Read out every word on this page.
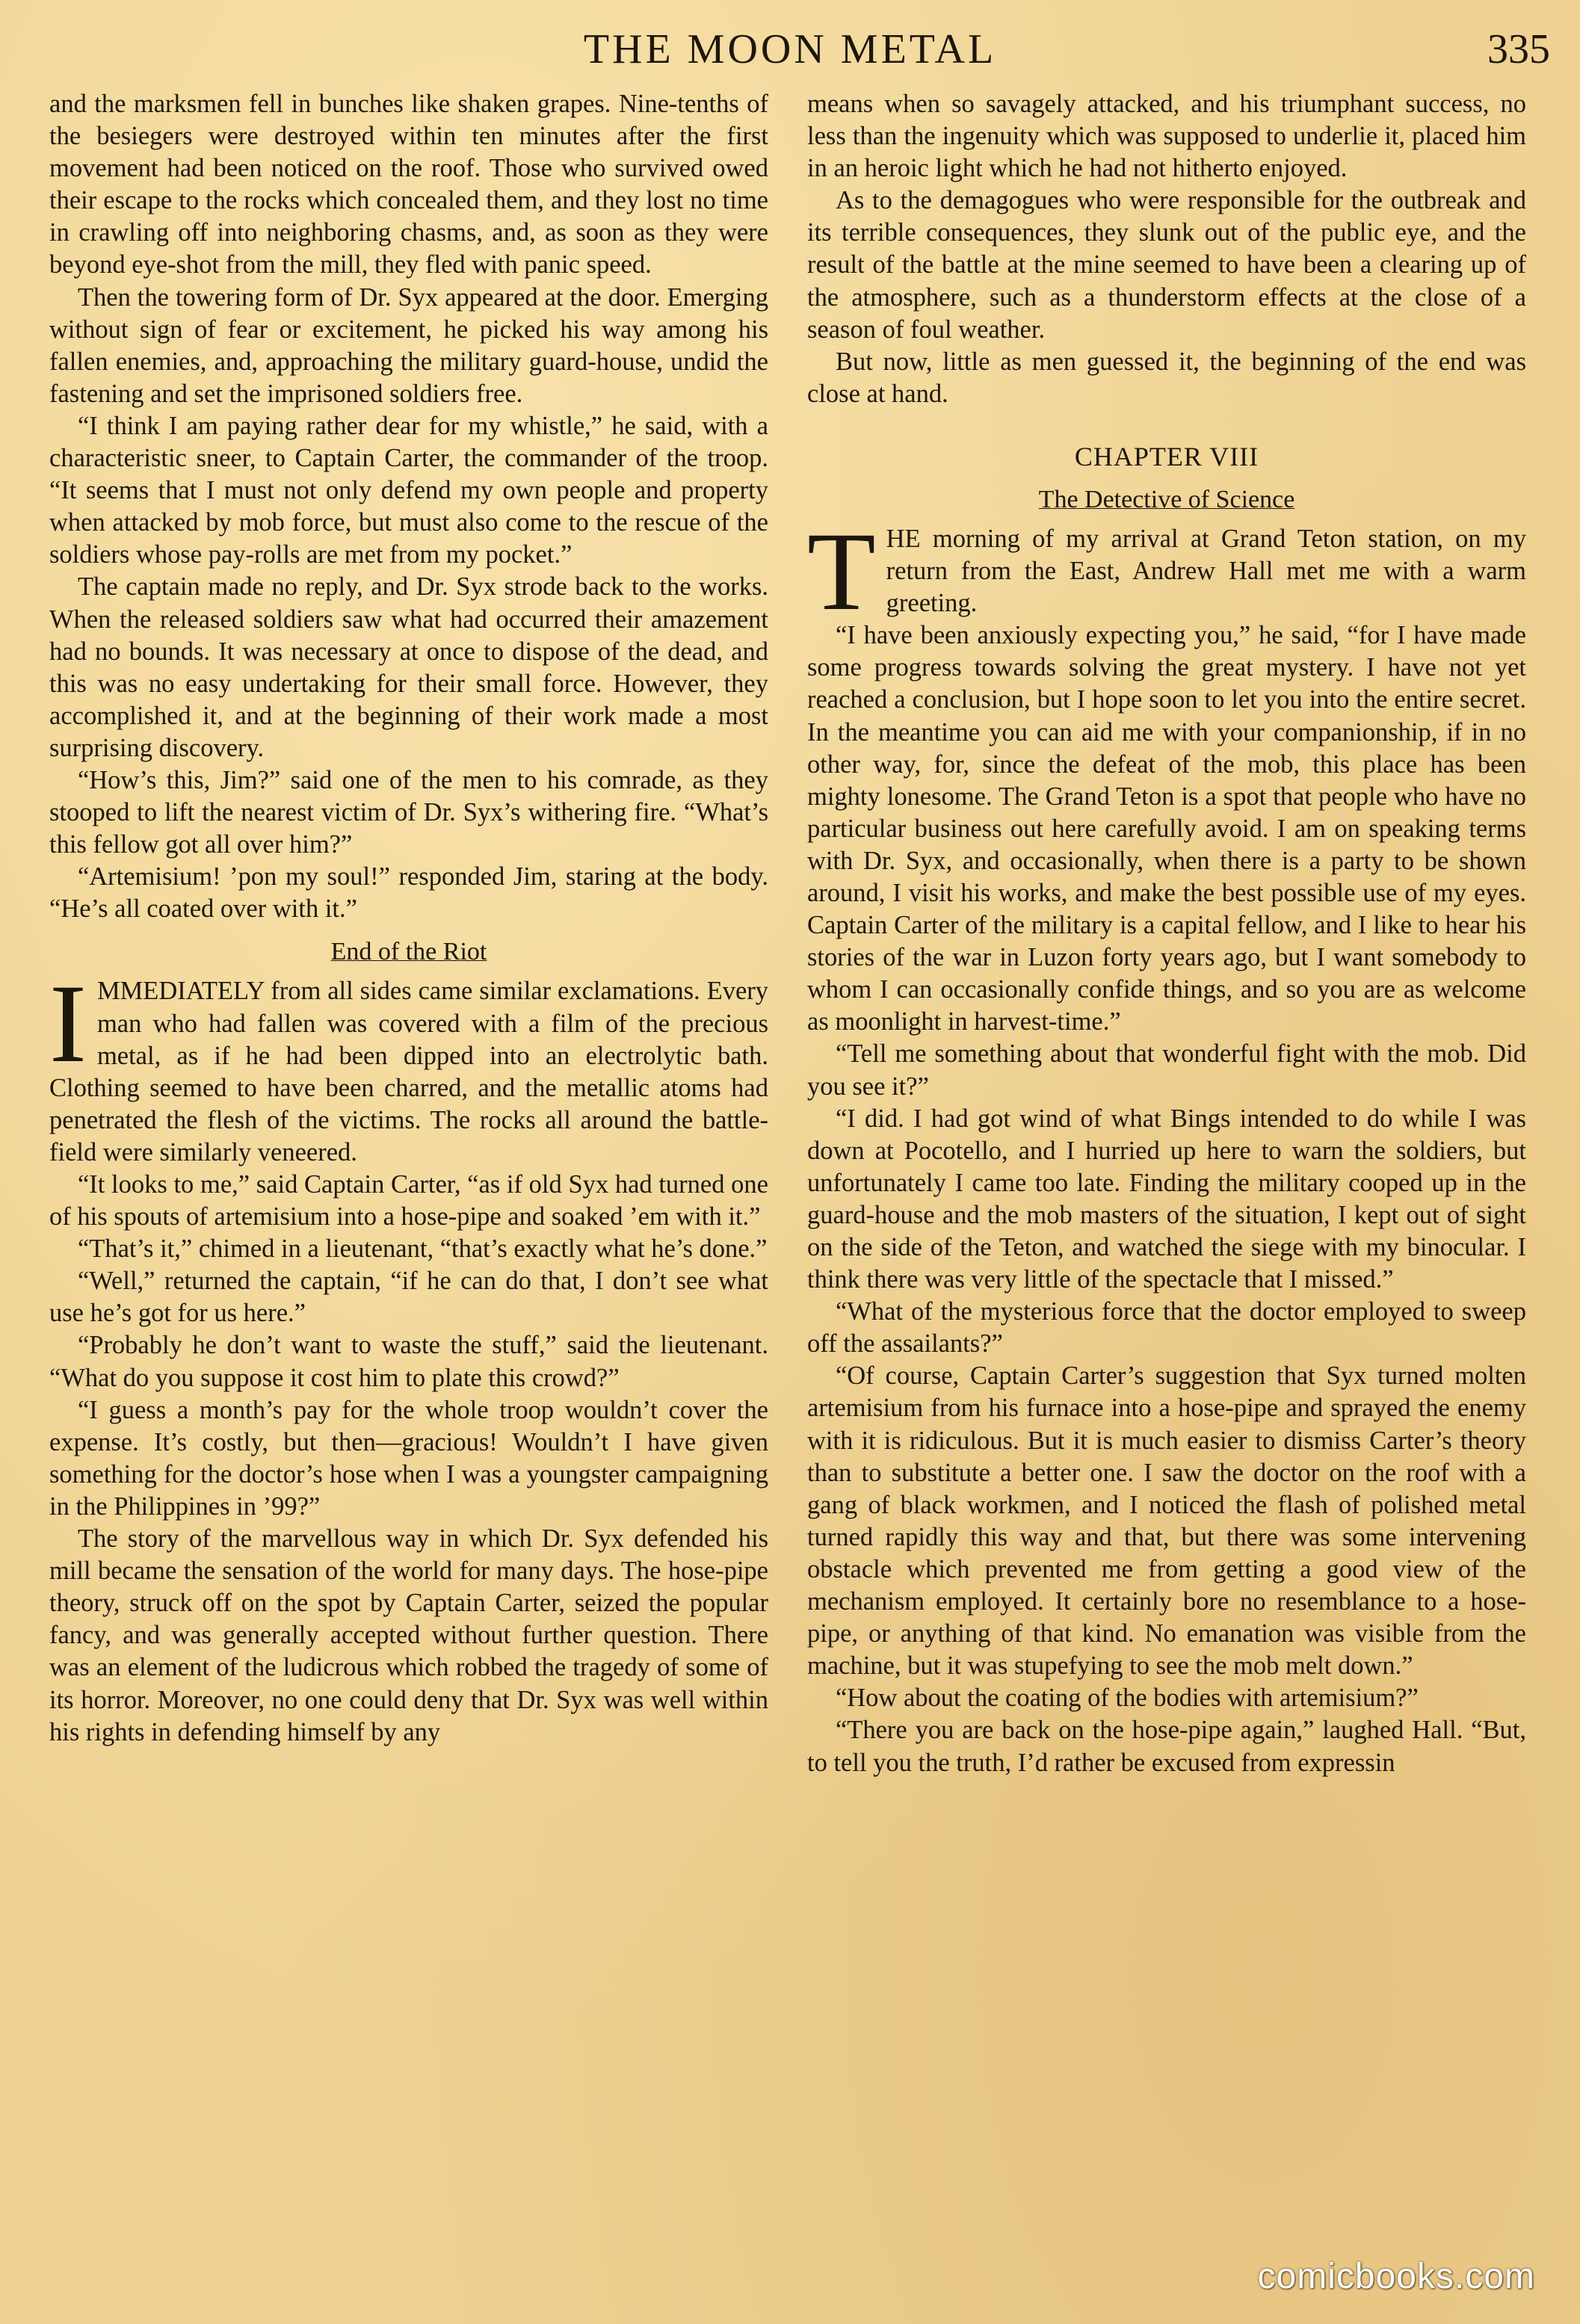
THE MOON METAL	335

and the marksmen fell in bunches like shaken grapes. Nine-tenths of the besiegers were destroyed within ten minutes after the first movement had been noticed on the roof. Those who survived owed their escape to the rocks which concealed them, and they lost no time in crawling off into neighboring chasms, and, as soon as they were beyond eye-shot from the mill, they fled with panic speed.

Then the towering form of Dr. Syx appeared at the door. Emerging without sign of fear or excitement, he picked his way among his fallen enemies, and, approaching the military guard-house, undid the fastening and set the imprisoned soldiers free.

“I think I am paying rather dear for my whistle,” he said, with a characteristic sneer, to Captain Carter, the commander of the troop. “It seems that I must not only defend my own people and property when attacked by mob force, but must also come to the rescue of the soldiers whose pay-rolls are met from my pocket.”

The captain made no reply, and Dr. Syx strode back to the works. When the released soldiers saw what had occurred their amazement had no bounds. It was necessary at once to dispose of the dead, and this was no easy undertaking for their small force. However, they accomplished it, and at the beginning of their work made a most surprising discovery.

“How’s this, Jim?” said one of the men to his comrade, as they stooped to lift the nearest victim of Dr. Syx’s withering fire. “What’s this fellow got all over him?”

“Artemisium! ’pon my soul!” responded Jim, staring at the body. “He’s all coated over with it.”

End of the Riot

IMMEDIATELY from all sides came similar exclamations. Every man who had fallen was covered with a film of the precious metal, as if he had been dipped into an electrolytic bath. Clothing seemed to have been charred, and the metallic atoms had penetrated the flesh of the victims. The rocks all around the battle-field were similarly veneered.

“It looks to me,” said Captain Carter, “as if old Syx had turned one of his spouts of artemisium into a hose-pipe and soaked ’em with it.”

“That’s it,” chimed in a lieutenant, “that’s exactly what he’s done.”

“Well,” returned the captain, “if he can do that, I don’t see what use he’s got for us here.”

“Probably he don’t want to waste the stuff,” said the lieutenant. “What do you suppose it cost him to plate this crowd?”

“I guess a month’s pay for the whole troop wouldn’t cover the expense. It’s costly, but then—gracious! Wouldn’t I have given something for the doctor’s hose when I was a youngster campaigning in the Philippines in ’99?”

The story of the marvellous way in which Dr. Syx defended his mill became the sensation of the world for many days. The hose-pipe theory, struck off on the spot by Captain Carter, seized the popular fancy, and was generally accepted without further question. There was an element of the ludicrous which robbed the tragedy of some of its horror. Moreover, no one could deny that Dr. Syx was well within his rights in defending himself by any

means when so savagely attacked, and his triumphant success, no less than the ingenuity which was supposed to underlie it, placed him in an heroic light which he had not hitherto enjoyed.

As to the demagogues who were responsible for the outbreak and its terrible consequences, they slunk out of the public eye, and the result of the battle at the mine seemed to have been a clearing up of the atmosphere, such as a thunderstorm effects at the close of a season of foul weather.

But now, little as men guessed it, the beginning of the end was close at hand.

CHAPTER VIII
The Detective of Science

THE morning of my arrival at Grand Teton station, on my return from the East, Andrew Hall met me with a warm greeting.

“I have been anxiously expecting you,” he said, “for I have made some progress towards solving the great mystery. I have not yet reached a conclusion, but I hope soon to let you into the entire secret. In the meantime you can aid me with your companionship, if in no other way, for, since the defeat of the mob, this place has been mighty lonesome. The Grand Teton is a spot that people who have no particular business out here carefully avoid. I am on speaking terms with Dr. Syx, and occasionally, when there is a party to be shown around, I visit his works, and make the best possible use of my eyes. Captain Carter of the military is a capital fellow, and I like to hear his stories of the war in Luzon forty years ago, but I want somebody to whom I can occasionally confide things, and so you are as welcome as moonlight in harvest-time.”

“Tell me something about that wonderful fight with the mob. Did you see it?”

“I did. I had got wind of what Bings intended to do while I was down at Pocotello, and I hurried up here to warn the soldiers, but unfortunately I came too late. Finding the military cooped up in the guard-house and the mob masters of the situation, I kept out of sight on the side of the Teton, and watched the siege with my binocular. I think there was very little of the spectacle that I missed.”

“What of the mysterious force that the doctor employed to sweep off the assailants?”

“Of course, Captain Carter’s suggestion that Syx turned molten artemisium from his furnace into a hose-pipe and sprayed the enemy with it is ridiculous. But it is much easier to dismiss Carter’s theory than to substitute a better one. I saw the doctor on the roof with a gang of black workmen, and I noticed the flash of polished metal turned rapidly this way and that, but there was some intervening obstacle which prevented me from getting a good view of the mechanism employed. It certainly bore no resemblance to a hose-pipe, or anything of that kind. No emanation was visible from the machine, but it was stupefying to see the mob melt down.”

“How about the coating of the bodies with artemisium?”

“There you are back on the hose-pipe again,” laughed Hall. “But, to tell you the truth, I’d rather be excused from expressin

comicbooks.com
